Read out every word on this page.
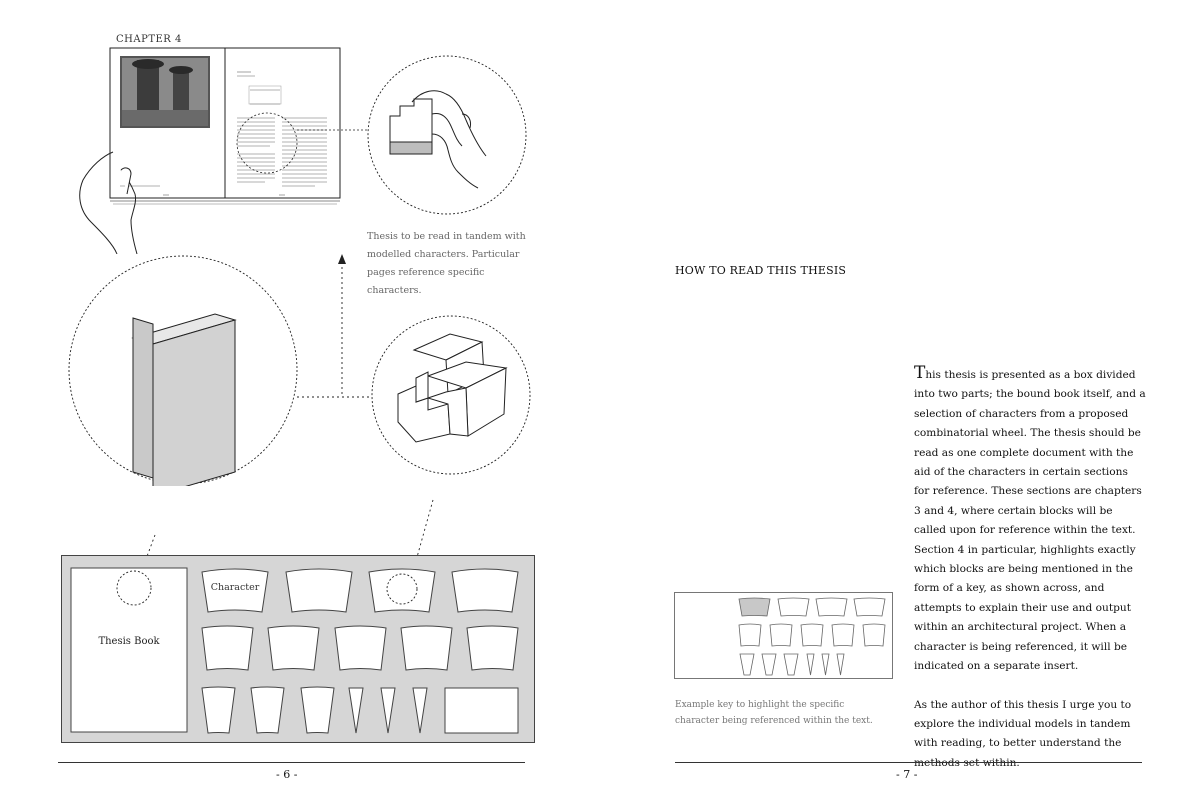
CHAPTER 4
Thesis to be read in tandem with modelled characters. Particular pages reference specific characters.
Thesis Book
Character
- 6 -
HOW TO READ THIS THESIS

This thesis is presented as a box divided into two parts; the bound book itself, and a selection of characters from a proposed combinatorial wheel. The thesis should be read as one complete document with the aid of the characters in certain sections for reference. These sections are chapters 3 and 4, where certain blocks will be called upon for reference within the text. Section 4 in particular, highlights exactly which blocks are being mentioned in the form of a key, as shown across, and attempts to explain their use and output within an architectural project. When a character is being referenced, it will be indicated on a separate insert.

As the author of this thesis I urge you to explore the individual models in tandem with reading, to better understand the

Example key to highlight the specific character being referenced within the text.
- 7 -
